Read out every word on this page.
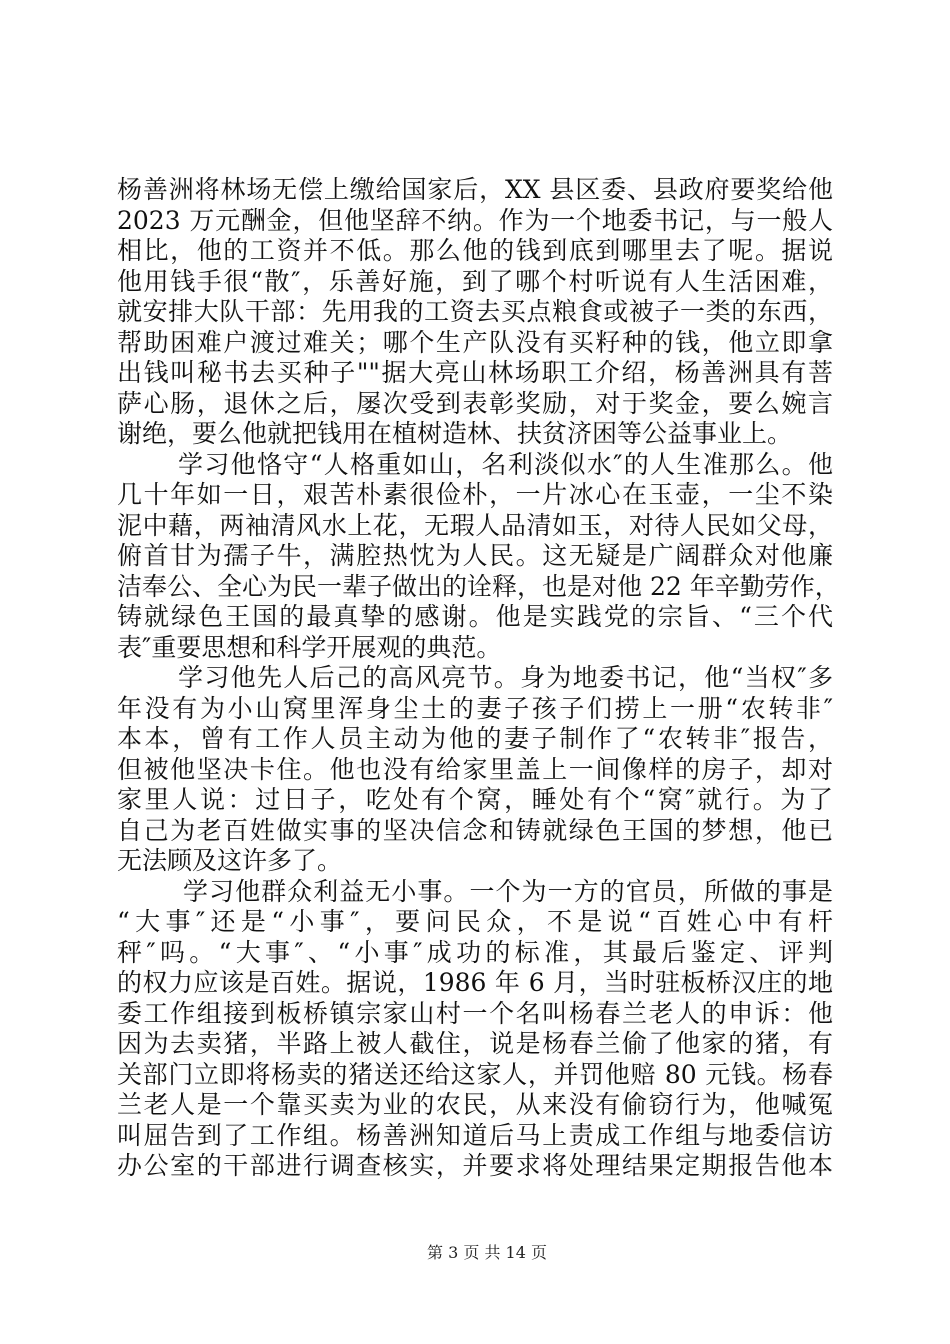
杨善洲将林场无偿上缴给国家后，XX 县区委、县政府要奖给他
2023 万元酬金，但他坚辞不纳。作为一个地委书记，与一般人
相比，他的工资并不低。那么他的钱到底到哪里去了呢。据说
他用钱手很“散″，乐善好施，到了哪个村听说有人生活困难，
就安排大队干部：先用我的工资去买点粮食或被子一类的东西，
帮助困难户渡过难关；哪个生产队没有买籽种的钱，他立即拿
出钱叫秘书去买种子""据大亮山林场职工介绍，杨善洲具有菩
萨心肠，退休之后，屡次受到表彰奖励，对于奖金，要么婉言
谢绝，要么他就把钱用在植树造林、扶贫济困等公益事业上。
学习他恪守“人格重如山，名利淡似水″的人生准那么。他
几十年如一日，艰苦朴素很俭朴，一片冰心在玉壶，一尘不染
泥中藉，两袖清风水上花，无瑕人品清如玉，对待人民如父母，
俯首甘为孺子牛，满腔热忱为人民。这无疑是广阔群众对他廉
洁奉公、全心为民一辈子做出的诠释，也是对他 22 年辛勤劳作，
铸就绿色王国的最真挚的感谢。他是实践党的宗旨、“三个代
表″重要思想和科学开展观的典范。
学习他先人后己的高风亮节。身为地委书记，他“当权″多
年没有为小山窝里浑身尘土的妻子孩子们捞上一册“农转非″
本本，曾有工作人员主动为他的妻子制作了“农转非″报告，
但被他坚决卡住。他也没有给家里盖上一间像样的房子，却对
家里人说：过日子，吃处有个窝，睡处有个“窝″就行。为了
自己为老百姓做实事的坚决信念和铸就绿色王国的梦想，他已
无法顾及这许多了。
学习他群众利益无小事。一个为一方的官员，所做的事是
“大事″还是“小事″，要问民众，不是说“百姓心中有杆
秤″吗。“大事″、“小事″成功的标准，其最后鉴定、评判
的权力应该是百姓。据说，1986 年 6 月，当时驻板桥汉庄的地
委工作组接到板桥镇宗家山村一个名叫杨春兰老人的申诉：他
因为去卖猪，半路上被人截住，说是杨春兰偷了他家的猪，有
关部门立即将杨卖的猪送还给这家人，并罚他赔 80 元钱。杨春
兰老人是一个靠买卖为业的农民，从来没有偷窃行为，他喊冤
叫屈告到了工作组。杨善洲知道后马上责成工作组与地委信访
办公室的干部进行调查核实，并要求将处理结果定期报告他本
第 3 页 共 14 页
